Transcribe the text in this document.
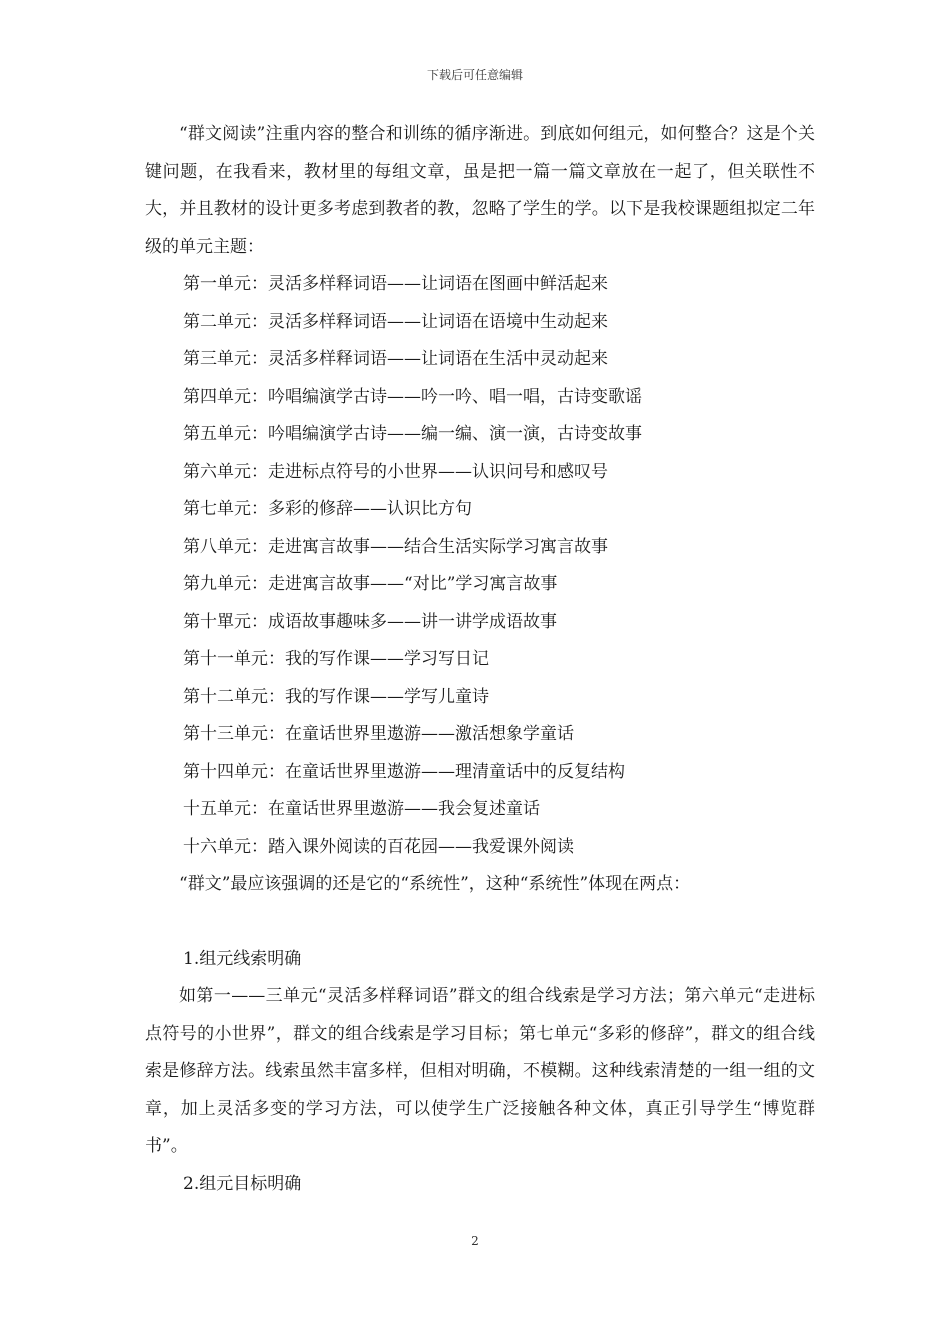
下载后可任意编辑

“群文阅读”注重内容的整合和训练的循序渐进。到底如何组元，如何整合？这是个关键问题，在我看来，教材里的每组文章，虽是把一篇一篇文章放在一起了，但关联性不大，并且教材的设计更多考虑到教者的教，忽略了学生的学。以下是我校课题组拟定二年级的单元主题：

第一单元：灵活多样释词语——让词语在图画中鲜活起来

第二单元：灵活多样释词语——让词语在语境中生动起来

第三单元：灵活多样释词语——让词语在生活中灵动起来

第四单元：吟唱编演学古诗——吟一吟、唱一唱，古诗变歌谣

第五单元：吟唱编演学古诗——编一编、演一演，古诗变故事

第六单元：走进标点符号的小世界——认识问号和感叹号

第七单元：多彩的修辞——认识比方句

第八单元：走进寓言故事——结合生活实际学习寓言故事

第九单元：走进寓言故事——“对比”学习寓言故事

第十單元：成语故事趣味多——讲一讲学成语故事

第十一单元：我的写作课——学习写日记

第十二单元：我的写作课——学写儿童诗

第十三单元：在童话世界里遨游——激活想象学童话

第十四单元：在童话世界里遨游——理清童话中的反复结构

十五单元：在童话世界里遨游——我会复述童话

十六单元：踏入课外阅读的百花园——我爱课外阅读

“群文”最应该强调的还是它的“系统性”，这种“系统性”体现在两点：

1.组元线索明确

如第一——三单元“灵活多样释词语”群文的组合线索是学习方法；第六单元“走进标点符号的小世界”，群文的组合线索是学习目标；第七单元“多彩的修辞”，群文的组合线索是修辞方法。线索虽然丰富多样，但相对明确，不模糊。这种线索清楚的一组一组的文章，加上灵活多变的学习方法，可以使学生广泛接触各种文体，真正引导学生“博览群书”。

2.组元目标明确

2
